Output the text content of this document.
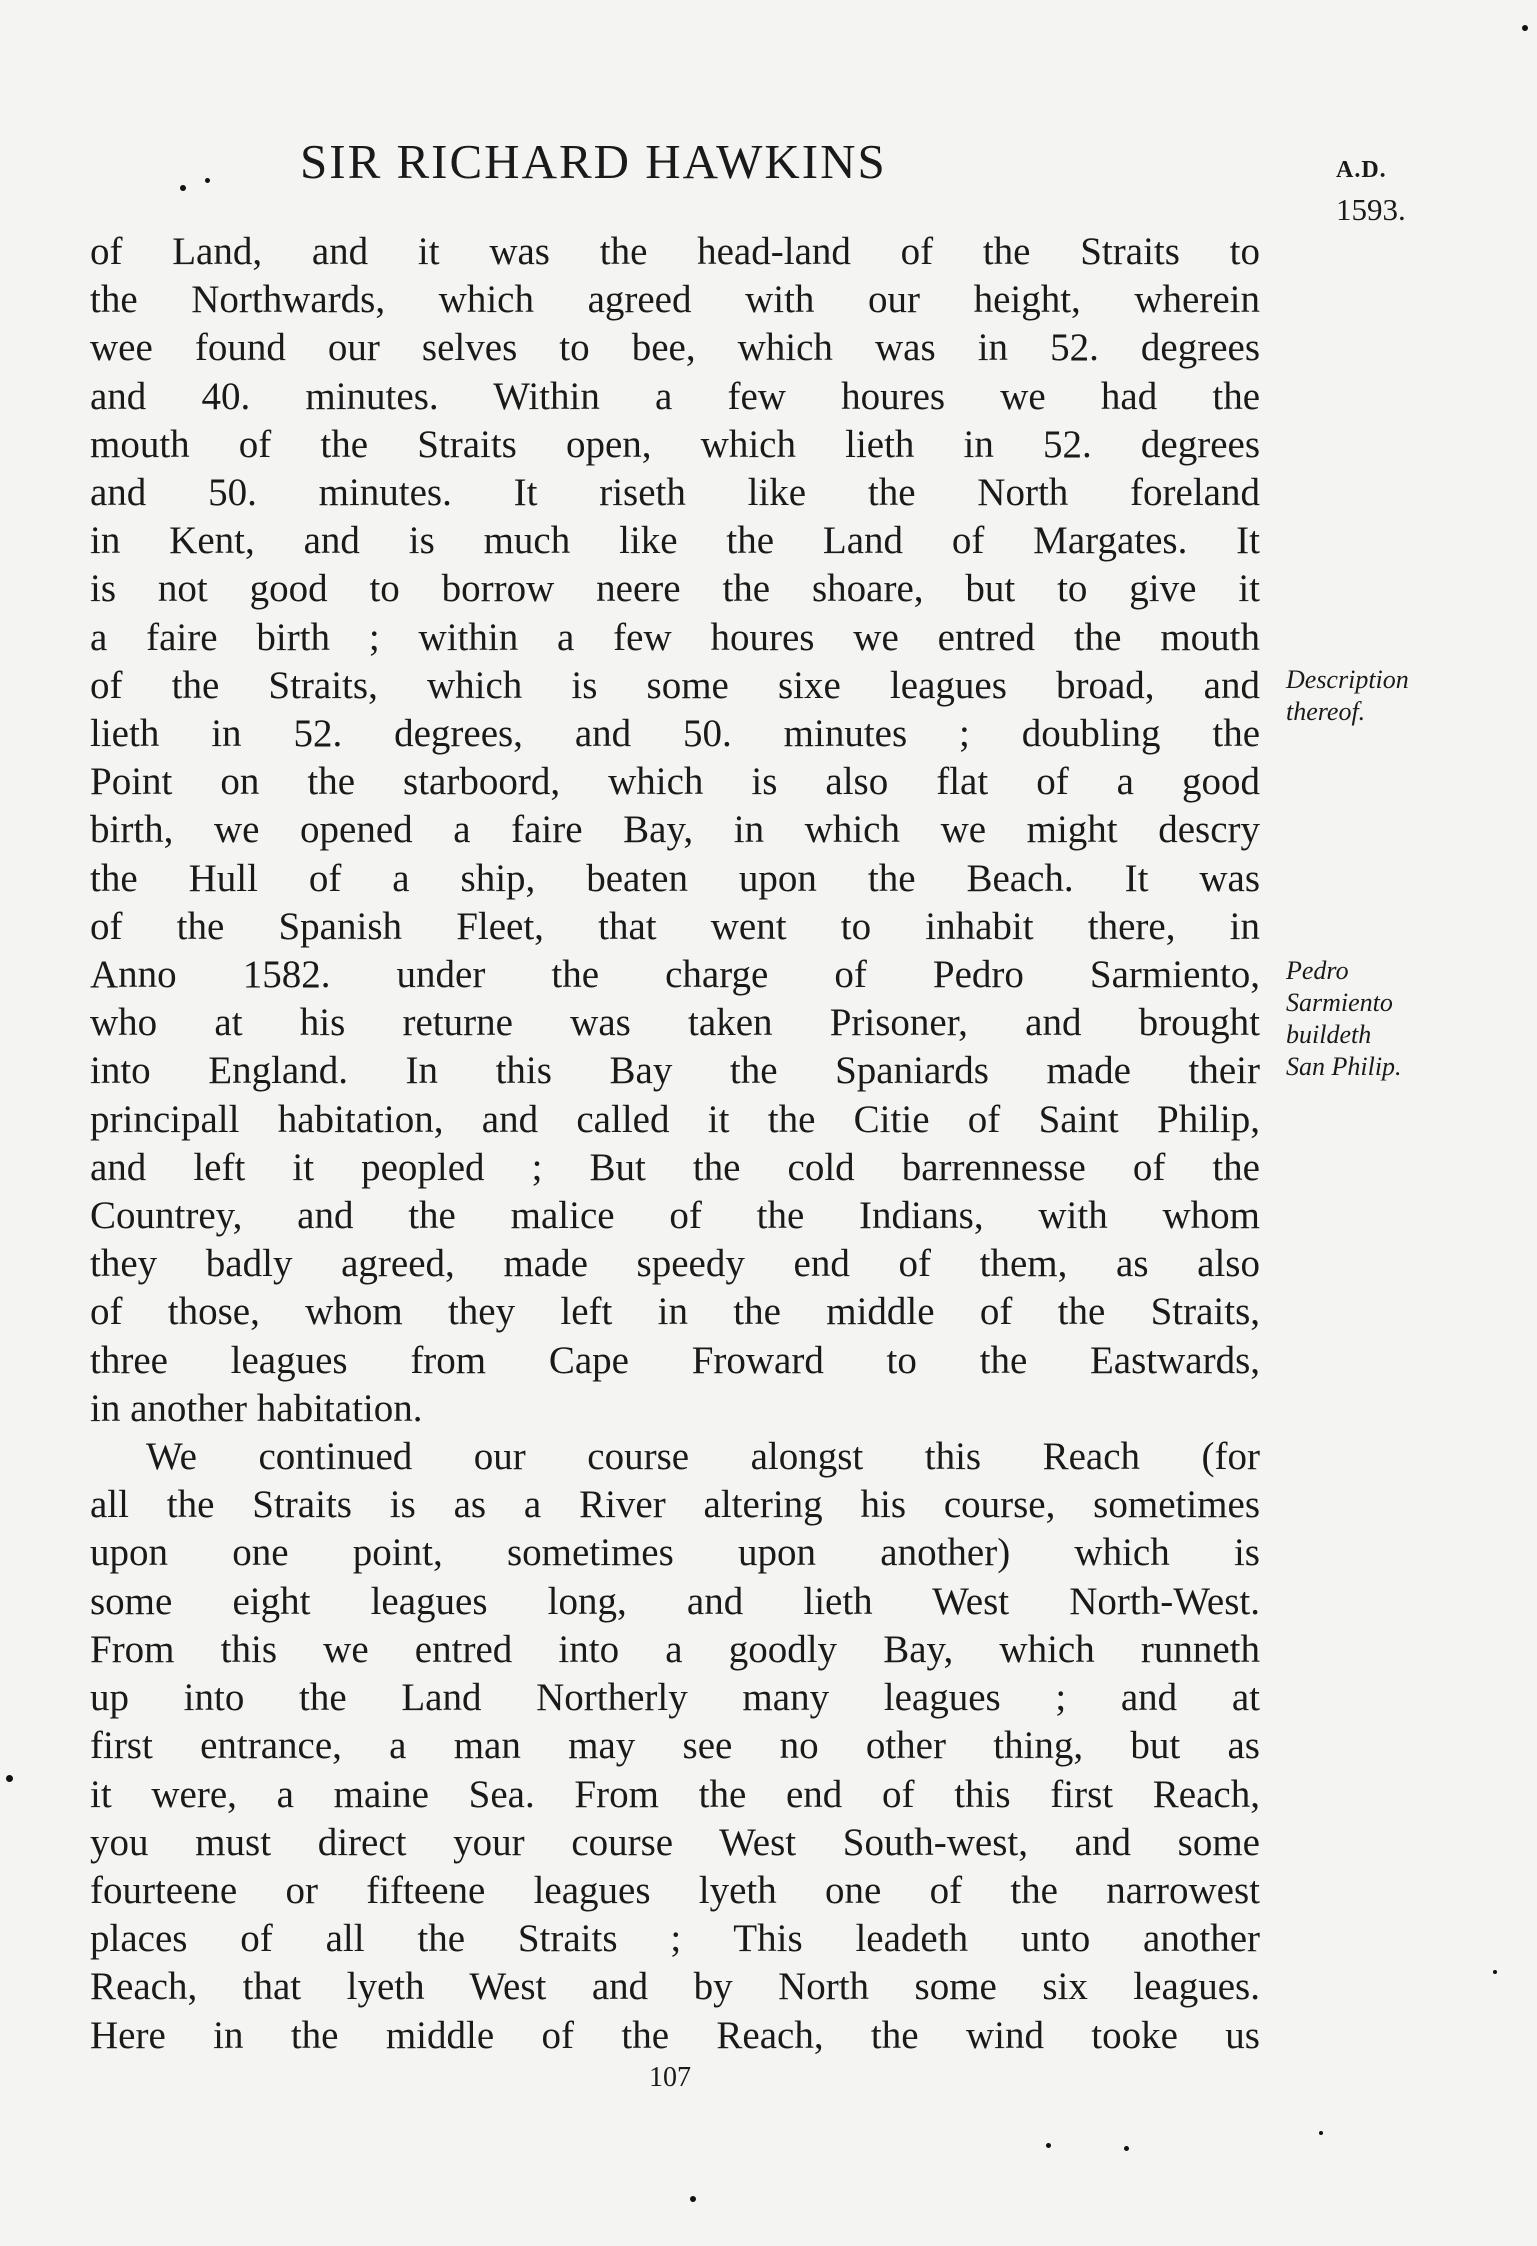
SIR RICHARD HAWKINS	A.D.
1593.
of Land, and it was the head-land of the Straits to
the Northwards, which agreed with our height, wherein
wee found our selves to bee, which was in 52. degrees
and 40. minutes. Within a few houres we had the
mouth of the Straits open, which lieth in 52. degrees
and 50. minutes. It riseth like the North foreland
in Kent, and is much like the Land of Margates. It
is not good to borrow neere the shoare, but to give it
a faire birth ; within a few houres we entred the mouth
of the Straits, which is some sixe leagues broad, and
lieth in 52. degrees, and 50. minutes ; doubling the
Point on the starboord, which is also flat of a good
birth, we opened a faire Bay, in which we might descry
the Hull of a ship, beaten upon the Beach. It was
of the Spanish Fleet, that went to inhabit there, in
Anno 1582. under the charge of Pedro Sarmiento,
who at his returne was taken Prisoner, and brought
into England. In this Bay the Spaniards made their
principall habitation, and called it the Citie of Saint Philip,
and left it peopled ; But the cold barrennesse of the
Countrey, and the malice of the Indians, with whom
they badly agreed, made speedy end of them, as also
of those, whom they left in the middle of the Straits,
three leagues from Cape Froward to the Eastwards,
in another habitation.
We continued our course alongst this Reach (for
all the Straits is as a River altering his course, sometimes
upon one point, sometimes upon another) which is
some eight leagues long, and lieth West North-West.
From this we entred into a goodly Bay, which runneth
up into the Land Northerly many leagues ; and at
first entrance, a man may see no other thing, but as
it were, a maine Sea. From the end of this first Reach,
you must direct your course West South-west, and some
fourteene or fifteene leagues lyeth one of the narrowest
places of all the Straits ; This leadeth unto another
Reach, that lyeth West and by North some six leagues.
Here in the middle of the Reach, the wind tooke us
Description
thereof.
Pedro
Sarmiento
buildeth
San Philip.
107
